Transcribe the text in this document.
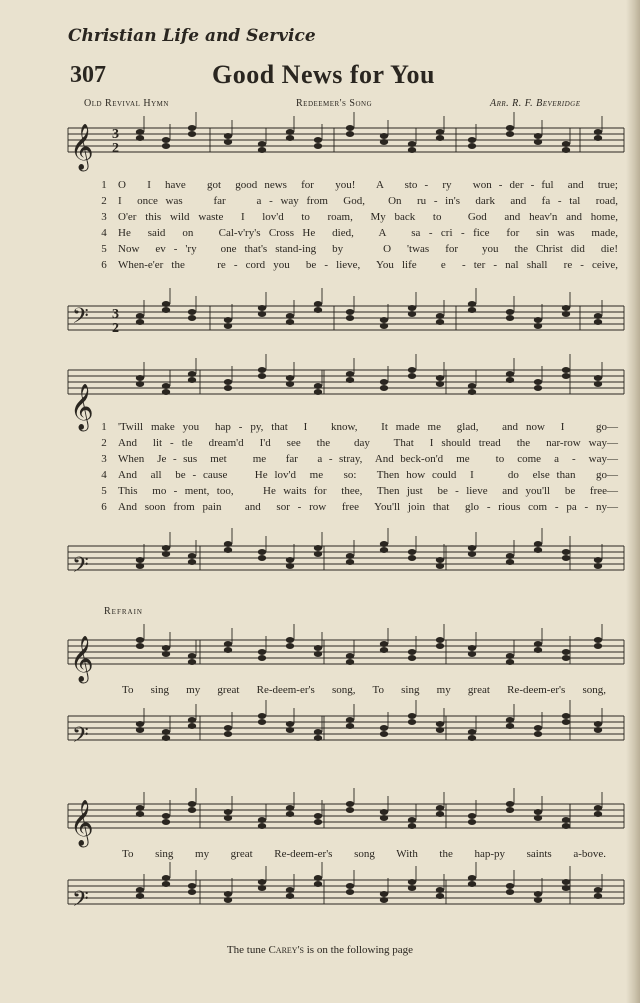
Christian Life and Service
307	Good News for You
Old Revival Hymn	Redeemer's Song	Arr. R. F. Beveridge
𝄞
𝄢
𝄞
𝄢
𝄞
𝄢
𝄞
𝄢
3
2
3
2
1 O   I  have   got  good news  for   you!   A   sto -  ry   won - der - ful  and  true;
2 I  once was    far    a - way from  God,   On  ru - in's  dark  and  fa - tal  road,
3 O'er this wild waste  I  lov'd  to  roam,  My back  to   God  and heav'n and home,
4 He  said  on   Cal-v'ry's Cross He  died,   A   sa - cri - fice  for  sin was  made,
5 Now  ev - 'ry   one that's stand-ing  by     O  'twas  for   you  the Christ did  die!
6 When-e'er the    re - cord you  be - lieve,  You life   e  - ter - nal shall  re - ceive,
1 'Twill make you  hap - py, that  I   know,   It made me  glad,   and now  I    go—
2 And  lit - tle  dream'd  I'd  see  the   day   That  I should tread  the  nar-row way—
3 When  Je - sus  met    me   far   a - stray,  And beck-on'd  me    to  come  a  -  way—
4 And  all  be - cause    He lov'd  me   so:   Then how could  I     do  else than   go—
5 This  mo - ment, too,    He waits for  thee,  Then just  be - lieve  and you'll  be  free—
6 And soon from pain   and  sor - row  free  You'll join that  glo - rious com - pa - ny—
Refrain
To sing my great Re-deem-er's song, To sing my great Re-deem-er's song,
To sing my great Re-deem-er's song With the hap-py saints a-bove.
The tune Carey's is on the following page
